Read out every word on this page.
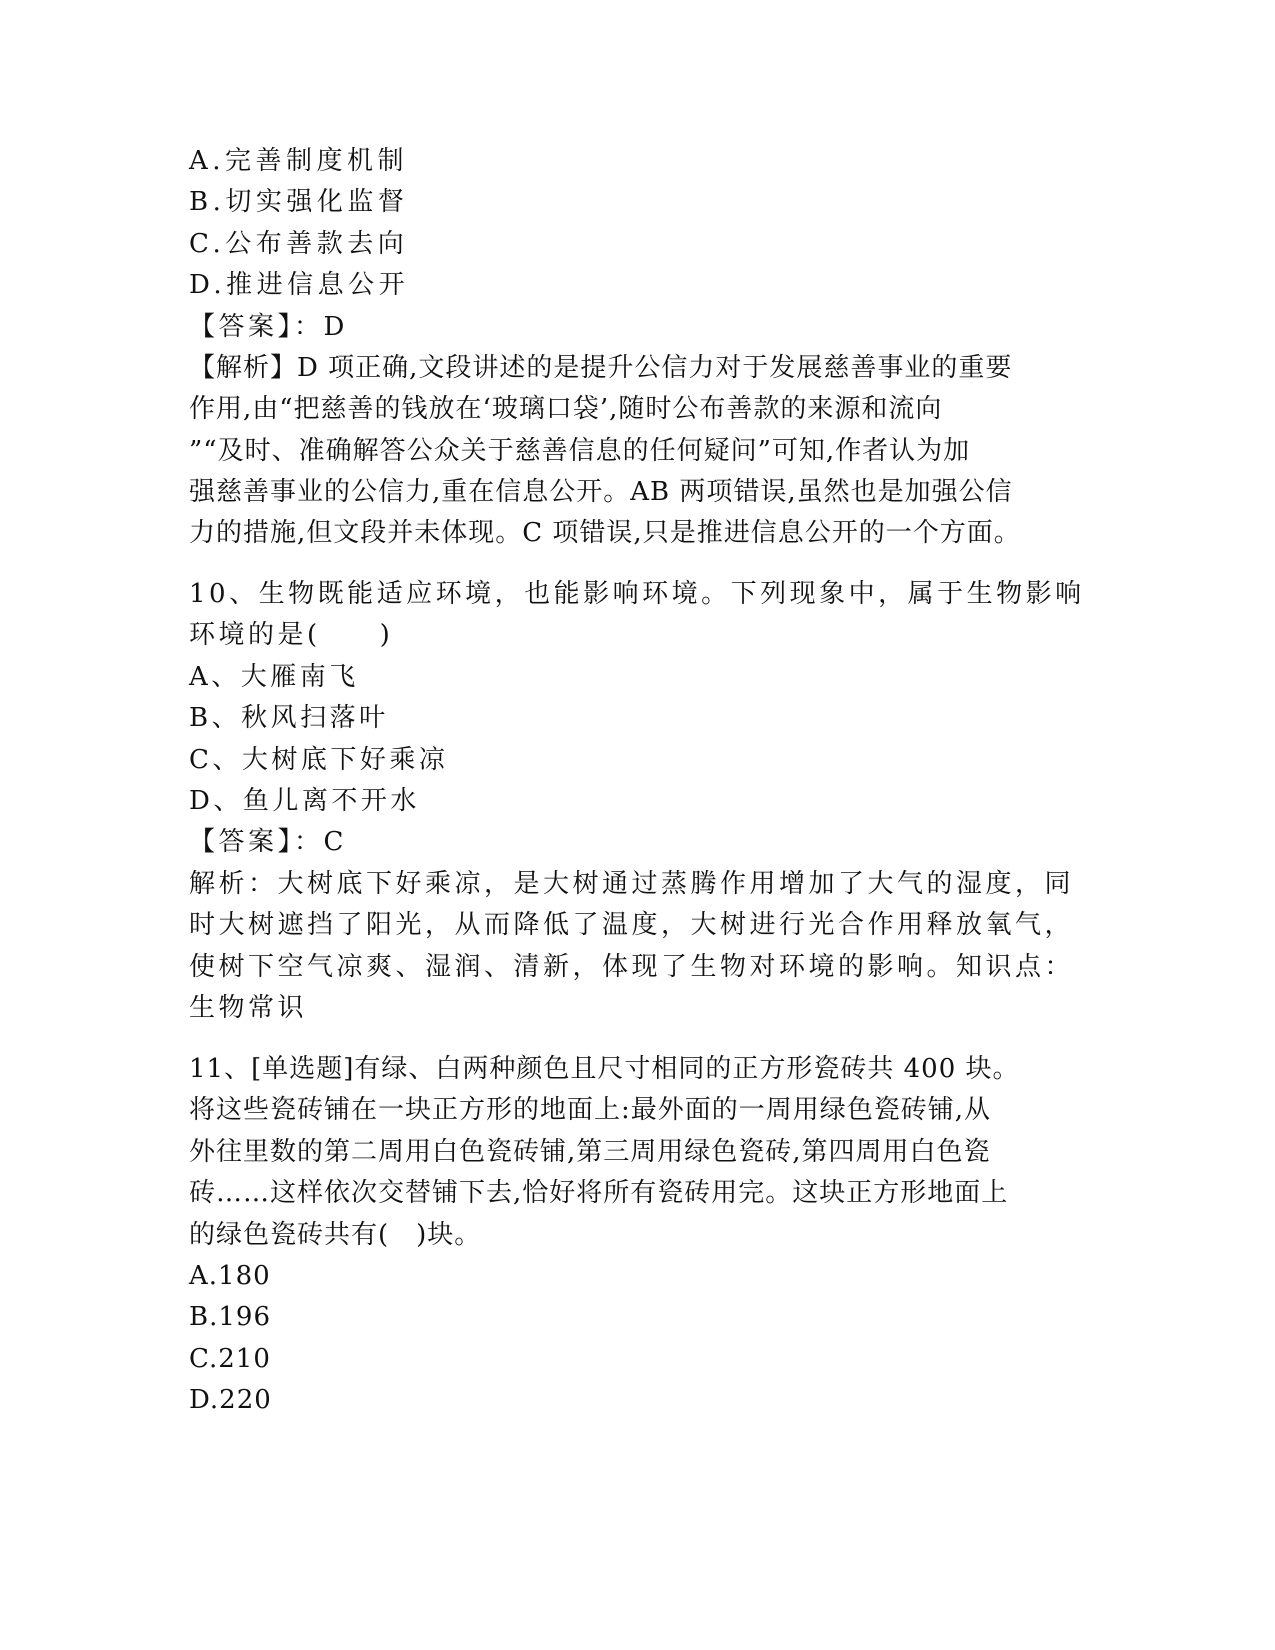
A.完善制度机制
B.切实强化监督
C.公布善款去向
D.推进信息公开
【答案】：D
【解析】D 项正确,文段讲述的是提升公信力对于发展慈善事业的重要
作用,由“把慈善的钱放在‘玻璃口袋’,随时公布善款的来源和流向
”“及时、准确解答公众关于慈善信息的任何疑问”可知,作者认为加
强慈善事业的公信力,重在信息公开。AB 两项错误,虽然也是加强公信
力的措施,但文段并未体现。C 项错误,只是推进信息公开的一个方面。
10、生物既能适应环境，也能影响环境。下列现象中，属于生物影响
环境的是(　　)
A、大雁南飞
B、秋风扫落叶
C、大树底下好乘凉
D、鱼儿离不开水
【答案】：C
解析：大树底下好乘凉，是大树通过蒸腾作用增加了大气的湿度，同
时大树遮挡了阳光，从而降低了温度，大树进行光合作用释放氧气，
使树下空气凉爽、湿润、清新，体现了生物对环境的影响。知识点：
生物常识
11、[单选题]有绿、白两种颜色且尺寸相同的正方形瓷砖共 400 块。
将这些瓷砖铺在一块正方形的地面上:最外面的一周用绿色瓷砖铺,从
外往里数的第二周用白色瓷砖铺,第三周用绿色瓷砖,第四周用白色瓷
砖……这样依次交替铺下去,恰好将所有瓷砖用完。这块正方形地面上
的绿色瓷砖共有(　)块。
A.180
B.196
C.210
D.220
